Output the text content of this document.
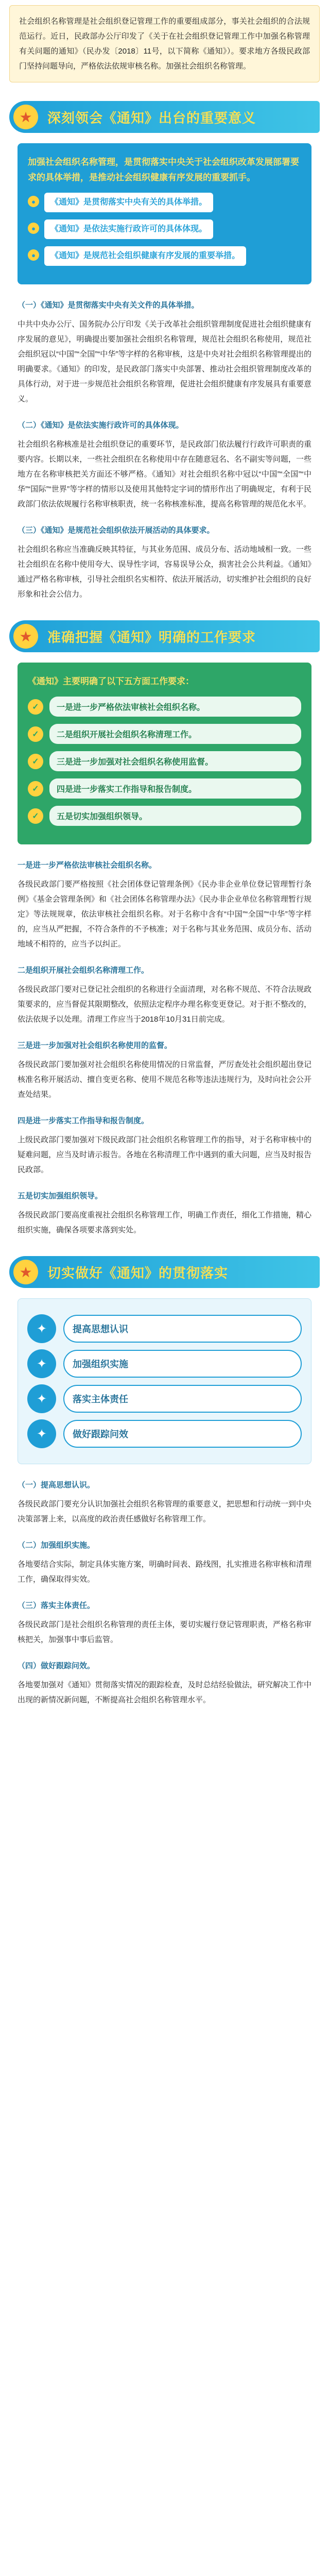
社会组织名称管理是社会组织登记管理工作的重要组成部分，事关社会组织的合法规范运行。近日，民政部办公厅印发了《关于在社会组织登记管理工作中加强名称管理有关问题的通知》（民办发〔2018〕11号，以下简称《通知》）。要求地方各级民政部门坚持问题导向，严格依法依规审核名称。加强社会组织名称管理。
★	深刻领会《通知》出台的重要意义
加强社会组织名称管理，是贯彻落实中央关于社会组织改革发展部署要求的具体举措，是推动社会组织健康有序发展的重要抓手。
●	《通知》是贯彻落实中央有关的具体举措。
●	《通知》是依法实施行政许可的具体体现。
●	《通知》是规范社会组织健康有序发展的重要举措。
（一）《通知》是贯彻落实中央有关文件的具体举措。
中共中央办公厅、国务院办公厅印发《关于改革社会组织管理制度促进社会组织健康有序发展的意见》，明确提出要加强社会组织名称管理，规范社会组织名称使用，规范社会组织冠以“中国”“全国”“中华”等字样的名称审核，这是中央对社会组织名称管理提出的明确要求。《通知》的印发，是民政部门落实中央部署、推动社会组织管理制度改革的具体行动，对于进一步规范社会组织名称管理，促进社会组织健康有序发展具有重要意义。
（二）《通知》是依法实施行政许可的具体体现。
社会组织名称核准是社会组织登记的重要环节，是民政部门依法履行行政许可职责的重要内容。长期以来，一些社会组织在名称使用中存在随意冠名、名不副实等问题，一些地方在名称审核把关方面还不够严格。《通知》对社会组织名称中冠以“中国”“全国”“中华”“国际”“世界”等字样的情形以及使用其他特定字词的情形作出了明确规定，有利于民政部门依法依规履行名称审核职责，统一名称核准标准，提高名称管理的规范化水平。
（三）《通知》是规范社会组织依法开展活动的具体要求。
社会组织名称应当准确反映其特征，与其业务范围、成员分布、活动地域相一致。一些社会组织在名称中使用夸大、误导性字词，容易误导公众，损害社会公共利益。《通知》通过严格名称审核，引导社会组织名实相符、依法开展活动，切实维护社会组织的良好形象和社会公信力。
★	准确把握《通知》明确的工作要求
《通知》主要明确了以下五方面工作要求：
✓	一是进一步严格依法审核社会组织名称。
✓	二是组织开展社会组织名称清理工作。
✓	三是进一步加强对社会组织名称使用监督。
✓	四是进一步落实工作指导和报告制度。
✓	五是切实加强组织领导。
一是进一步严格依法审核社会组织名称。
各级民政部门要严格按照《社会团体登记管理条例》《民办非企业单位登记管理暂行条例》《基金会管理条例》和《社会团体名称管理办法》《民办非企业单位名称管理暂行规定》等法规规章，依法审核社会组织名称。对于名称中含有“中国”“全国”“中华”等字样的，应当从严把握，不符合条件的不予核准；对于名称与其业务范围、成员分布、活动地域不相符的，应当予以纠正。
二是组织开展社会组织名称清理工作。
各级民政部门要对已登记社会组织的名称进行全面清理，对名称不规范、不符合法规政策要求的，应当督促其限期整改，依照法定程序办理名称变更登记。对于拒不整改的，依法依规予以处理。清理工作应当于2018年10月31日前完成。
三是进一步加强对社会组织名称使用的监督。
各级民政部门要加强对社会组织名称使用情况的日常监督，严厉查处社会组织超出登记核准名称开展活动、擅自变更名称、使用不规范名称等违法违规行为，及时向社会公开查处结果。
四是进一步落实工作指导和报告制度。
上级民政部门要加强对下级民政部门社会组织名称管理工作的指导，对于名称审核中的疑难问题，应当及时请示报告。各地在名称清理工作中遇到的重大问题，应当及时报告民政部。
五是切实加强组织领导。
各级民政部门要高度重视社会组织名称管理工作，明确工作责任，细化工作措施，精心组织实施，确保各项要求落到实处。
★	切实做好《通知》的贯彻落实
✦	提高思想认识
✦	加强组织实施
✦	落实主体责任
✦	做好跟踪问效
（一）提高思想认识。
各级民政部门要充分认识加强社会组织名称管理的重要意义，把思想和行动统一到中央决策部署上来，以高度的政治责任感做好名称管理工作。
（二）加强组织实施。
各地要结合实际，制定具体实施方案，明确时间表、路线图，扎实推进名称审核和清理工作，确保取得实效。
（三）落实主体责任。
各级民政部门是社会组织名称管理的责任主体，要切实履行登记管理职责，严格名称审核把关，加强事中事后监管。
（四）做好跟踪问效。
各地要加强对《通知》贯彻落实情况的跟踪检查，及时总结经验做法，研究解决工作中出现的新情况新问题，不断提高社会组织名称管理水平。
